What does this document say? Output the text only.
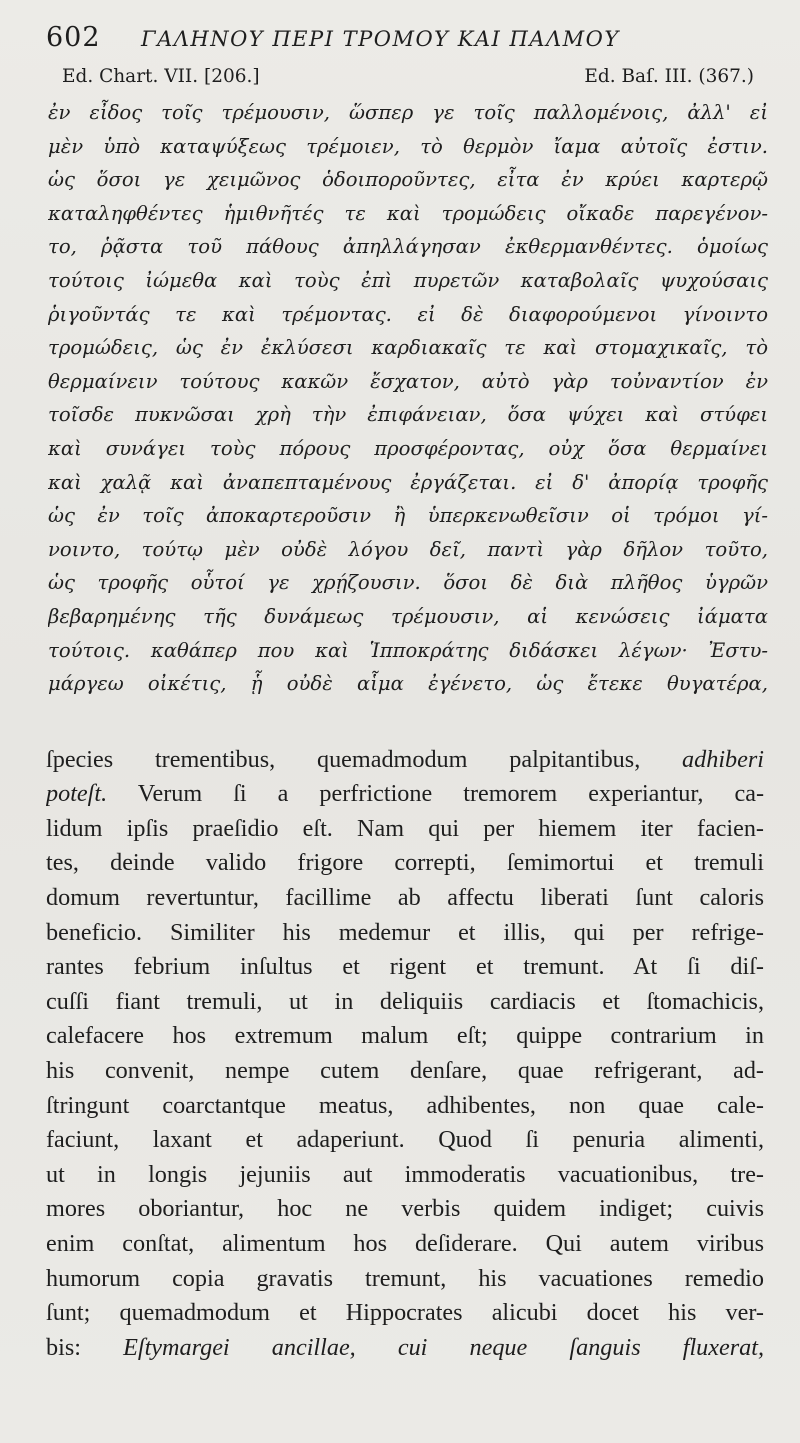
602	ΓΑΛΗΝΟΥ ΠΕΡΙ ΤΡΟΜΟΥ ΚΑΙ ΠΑΛΜΟΥ
Ed. Chart. VII. [206.]	Ed. Baſ. III. (367.)
ἐν εἶδος τοῖς τρέμουσιν, ὥσπερ γε τοῖς παλλομένοις, ἀλλ' εἰ
μὲν ὑπὸ καταψύξεως τρέμοιεν, τὸ θερμὸν ἴαμα αὐτοῖς ἐστιν.
ὡς ὅσοι γε χειμῶνος ὁδοιποροῦντες, εἶτα ἐν κρύει καρτερῷ
καταληφθέντες ἡμιθνῆτές τε καὶ τρομώδεις οἴκαδε παρεγένον-
το, ῥᾷστα τοῦ πάθους ἀπηλλάγησαν ἐκθερμανθέντες. ὁμοίως
τούτοις ἰώμεθα καὶ τοὺς ἐπὶ πυρετῶν καταβολαῖς ψυχούσαις
ῥιγοῦντάς τε καὶ τρέμοντας. εἰ δὲ διαφορούμενοι γίνοιντο
τρομώδεις, ὡς ἐν ἐκλύσεσι καρδιακαῖς τε καὶ στομαχικαῖς, τὸ
θερμαίνειν τούτους κακῶν ἔσχατον, αὐτὸ γὰρ τοὐναντίον ἐν
τοῖσδε πυκνῶσαι χρὴ τὴν ἐπιφάνειαν, ὅσα ψύχει καὶ στύφει
καὶ συνάγει τοὺς πόρους προσφέροντας, οὐχ ὅσα θερμαίνει
καὶ χαλᾷ καὶ ἀναπεπταμένους ἐργάζεται. εἰ δ' ἀπορίᾳ τροφῆς
ὡς ἐν τοῖς ἀποκαρτεροῦσιν ἢ ὑπερκενωθεῖσιν οἱ τρόμοι γί-
νοιντο, τούτῳ μὲν οὐδὲ λόγου δεῖ, παντὶ γὰρ δῆλον τοῦτο,
ὡς τροφῆς οὗτοί γε χρῄζουσιν. ὅσοι δὲ διὰ πλῆθος ὑγρῶν
βεβαρημένης τῆς δυνάμεως τρέμουσιν, αἱ κενώσεις ἰάματα
τούτοις. καθάπερ που καὶ Ἱπποκράτης διδάσκει λέγων· Ἐστυ-
μάργεω οἰκέτις, ᾗ οὐδὲ αἷμα ἐγένετο, ὡς ἔτεκε θυγατέρα,
ſpecies trementibus, quemadmodum palpitantibus, adhiberi
poteſt. Verum ſi a perfrictione tremorem experiantur, ca-
lidum ipſis praeſidio eſt. Nam qui per hiemem iter facien-
tes, deinde valido frigore correpti, ſemimortui et tremuli
domum revertuntur, facillime ab affectu liberati ſunt caloris
beneficio. Similiter his medemur et illis, qui per refrige-
rantes febrium inſultus et rigent et tremunt. At ſi diſ-
cuſſi fiant tremuli, ut in deliquiis cardiacis et ſtomachicis,
calefacere hos extremum malum eſt; quippe contrarium in
his convenit, nempe cutem denſare, quae refrigerant, ad-
ſtringunt coarctantque meatus, adhibentes, non quae cale-
faciunt, laxant et adaperiunt. Quod ſi penuria alimenti,
ut in longis jejuniis aut immoderatis vacuationibus, tre-
mores oboriantur, hoc ne verbis quidem indiget; cuivis
enim conſtat, alimentum hos deſiderare. Qui autem viribus
humorum copia gravatis tremunt, his vacuationes remedio
ſunt; quemadmodum et Hippocrates alicubi docet his ver-
bis: Eſtymargei ancillae, cui neque ſanguis fluxerat,
